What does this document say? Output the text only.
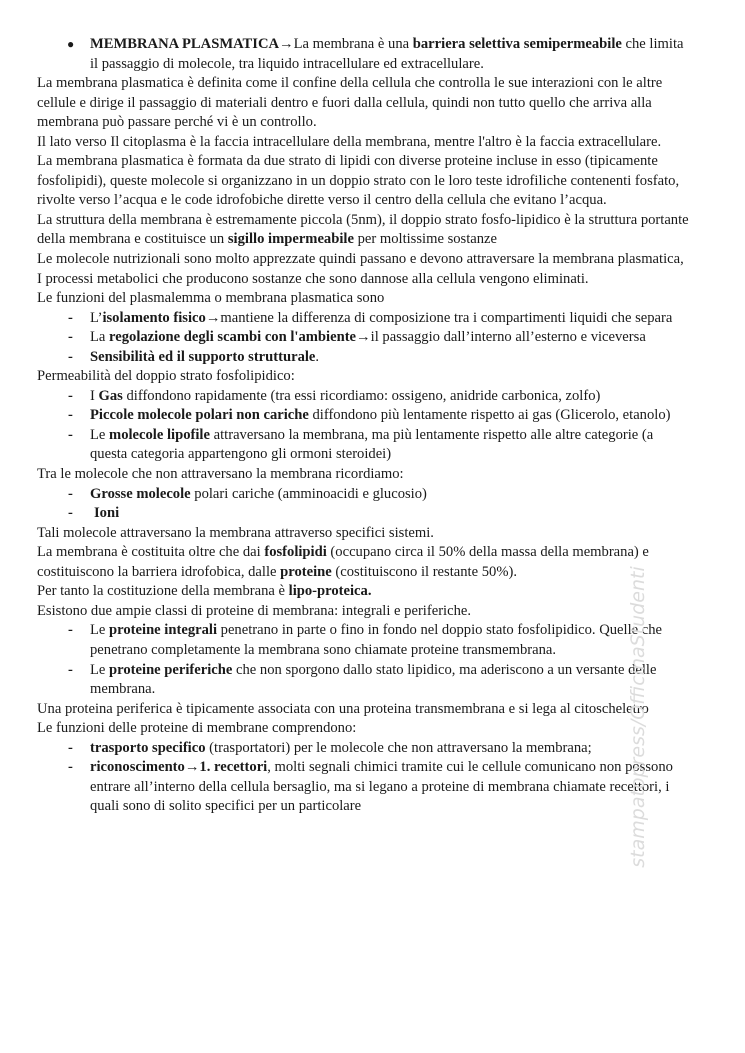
● MEMBRANA PLASMATICA→La membrana è una barriera selettiva semipermeabile che limita il passaggio di molecole, tra liquido intracellulare ed extracellulare.
La membrana plasmatica è definita come il confine della cellula che controlla le sue interazioni con le altre cellule e dirige il passaggio di materiali dentro e fuori dalla cellula, quindi non tutto quello che arriva alla membrana può passare perché vi è un controllo.
Il lato verso Il citoplasma è la faccia intracellulare della membrana, mentre l'altro è la faccia extracellulare.
La membrana plasmatica è formata da due strato di lipidi con diverse proteine incluse in esso (tipicamente fosfolipidi), queste molecole si organizzano in un doppio strato con le loro teste idrofiliche contenenti fosfato, rivolte verso l’acqua e le code idrofobiche dirette verso il centro della cellula che evitano l’acqua.
La struttura della membrana è estremamente piccola (5nm), il doppio strato fosfo-lipidico è la struttura portante della membrana e costituisce un sigillo impermeabile per moltissime sostanze
Le molecole nutrizionali sono molto apprezzate quindi passano e devono attraversare la membrana plasmatica,
I processi metabolici che producono sostanze che sono dannose alla cellula vengono eliminati.
Le funzioni del plasmalemma o membrana plasmatica sono
- L’isolamento fisico→mantiene la differenza di composizione tra i compartimenti liquidi che separa
- La regolazione degli scambi con l'ambiente→il passaggio dall’interno all’esterno e viceversa
- Sensibilità ed il supporto strutturale.
Permeabilità del doppio strato fosfolipidico:
- I Gas diffondono rapidamente (tra essi ricordiamo: ossigeno, anidride carbonica, zolfo)
- Piccole molecole polari non cariche diffondono più lentamente rispetto ai gas (Glicerolo, etanolo)
- Le molecole lipofile attraversano la membrana, ma più lentamente rispetto alle altre categorie (a questa categoria appartengono gli ormoni steroidei)
Tra le molecole che non attraversano la membrana ricordiamo:
- Grosse molecole polari cariche (amminoacidi e glucosio)
- Ioni
Tali molecole attraversano la membrana attraverso specifici sistemi.
La membrana è costituita oltre che dai fosfolipidi (occupano circa il 50% della massa della membrana) e costituiscono la barriera idrofobica, dalle proteine (costituiscono il restante 50%).
Per tanto la costituzione della membrana è lipo-proteica.
Esistono due ampie classi di proteine di membrana: integrali e periferiche.
- Le proteine integrali penetrano in parte o fino in fondo nel doppio stato fosfolipidico. Quelle che penetrano completamente la membrana sono chiamate proteine transmembrana.
- Le proteine periferiche che non sporgono dallo stato lipidico, ma aderiscono a un versante delle membrana.
Una proteina periferica è tipicamente associata con una proteina transmembrana e si lega al citoscheletro
Le funzioni delle proteine di membrane comprendono:
- trasporto specifico (trasportatori) per le molecole che non attraversano la membrana;
- riconoscimento→1. recettori, molti segnali chimici tramite cui le cellule comunicano non possono entrare all’interno della cellula bersaglio, ma si legano a proteine di membrana chiamate recettori, i quali sono di solito specifici per un particolare	stampatopress/OfficinaStudenti
